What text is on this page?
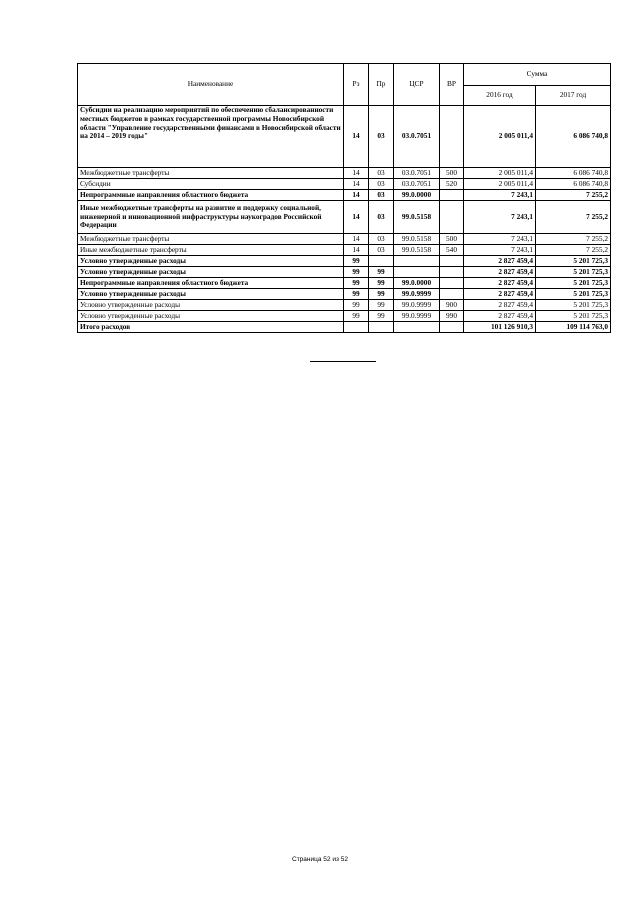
Наименование	Рз	Пр	ЦСР	ВР	Сумма	
					2016 год	2017 год
Субсидии на реализацию мероприятий по обеспечению сбалансированности местных бюджетов в рамках государственной программы Новосибирской области "Управление государственными финансами в Новосибирской области на 2014 – 2019 годы"	14	03	03.0.7051		2 005 011,4	6 086 740,8
Межбюджетные трансферты	14	03	03.0.7051	500	2 005 011,4	6 086 740,8
Субсидии	14	03	03.0.7051	520	2 005 011,4	6 086 740,8
Непрограммные направления областного бюджета	14	03	99.0.0000		7 243,1	7 255,2
Иные межбюджетные трансферты на развитие и поддержку социальной, инженерной и инновационной инфраструктуры наукоградов Российской Федерации	14	03	99.0.5158		7 243,1	7 255,2
Межбюджетные трансферты	14	03	99.0.5158	500	7 243,1	7 255,2
Иные межбюджетные трансферты	14	03	99.0.5158	540	7 243,1	7 255,2
Условно утвержденные расходы	99				2 827 459,4	5 201 725,3
Условно утвержденные расходы	99	99			2 827 459,4	5 201 725,3
Непрограммные направления областного бюджета	99	99	99.0.0000		2 827 459,4	5 201 725,3
Условно утвержденные расходы	99	99	99.0.9999		2 827 459,4	5 201 725,3
Условно утвержденные расходы	99	99	99.0.9999	900	2 827 459,4	5 201 725,3
Условно утвержденные расходы	99	99	99.0.9999	990	2 827 459,4	5 201 725,3
Итого расходов					101 126 910,3	109 114 763,0
Страница 52 из 52
